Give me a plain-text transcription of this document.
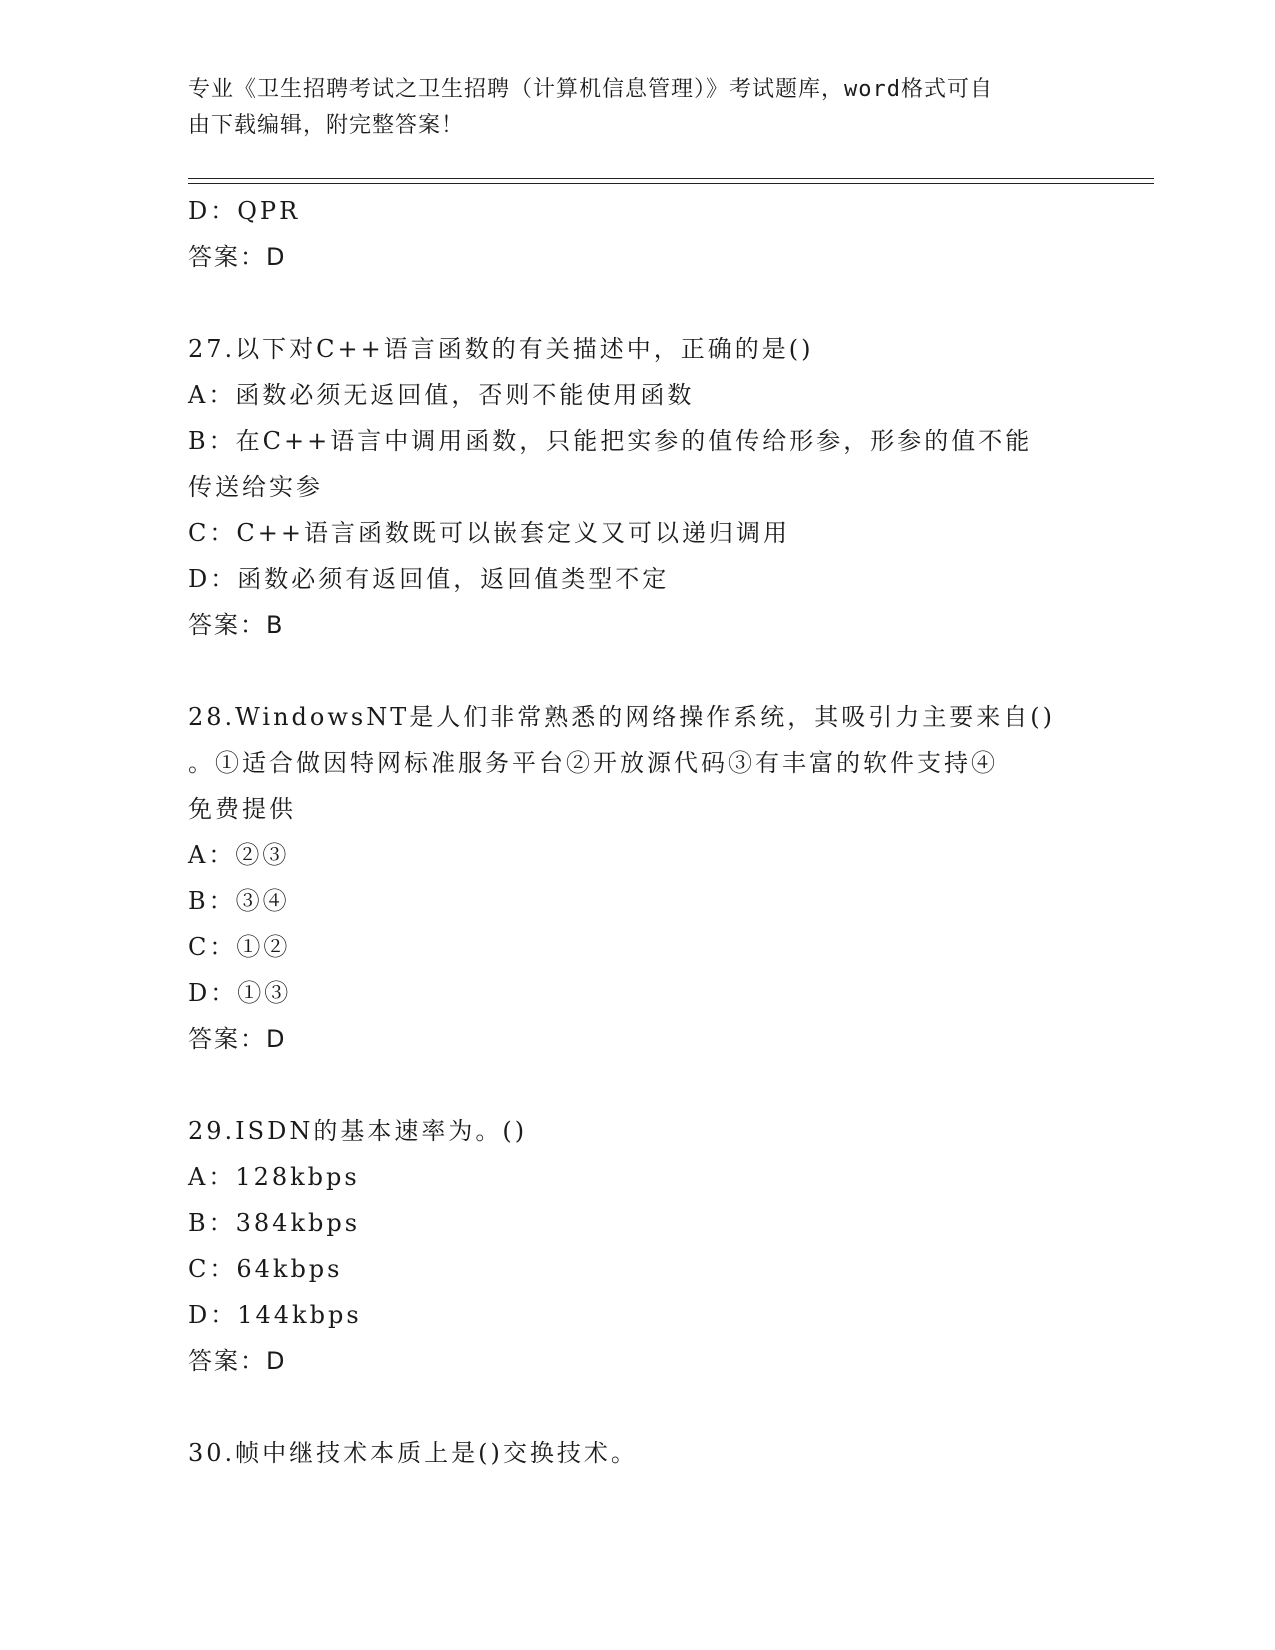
专业《卫生招聘考试之卫生招聘（计算机信息管理）》考试题库，word格式可自
由下载编辑，附完整答案！
D：QPR
答案：D
27.以下对C++语言函数的有关描述中，正确的是()
A：函数必须无返回值，否则不能使用函数
B：在C++语言中调用函数，只能把实参的值传给形参，形参的值不能
传送给实参
C：C++语言函数既可以嵌套定义又可以递归调用
D：函数必须有返回值，返回值类型不定
答案：B
28.WindowsNT是人们非常熟悉的网络操作系统，其吸引力主要来自()
。①适合做因特网标准服务平台②开放源代码③有丰富的软件支持④
免费提供
A：②③
B：③④
C：①②
D：①③
答案：D
29.ISDN的基本速率为。()
A：128kbps
B：384kbps
C：64kbps
D：144kbps
答案：D
30.帧中继技术本质上是()交换技术。
